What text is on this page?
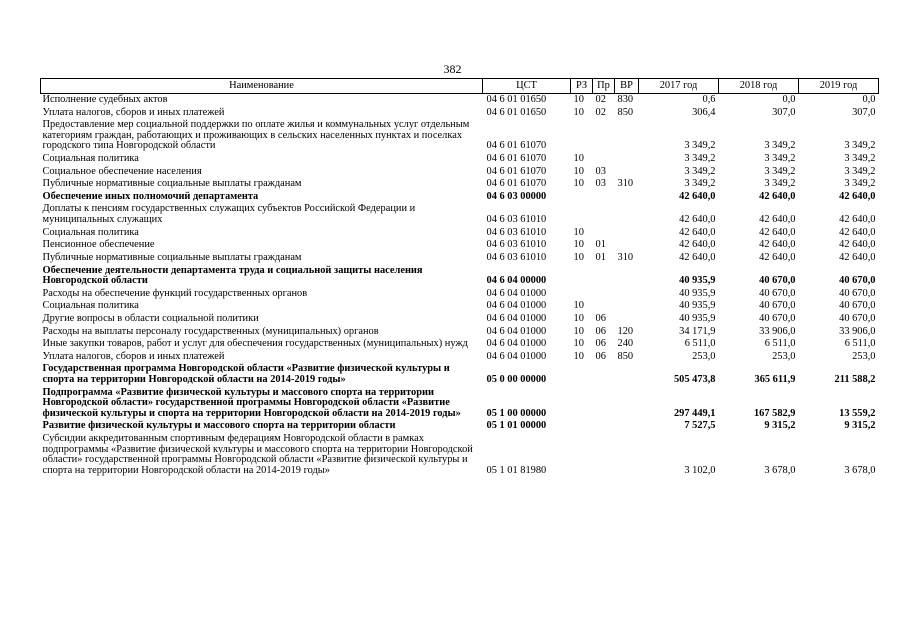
382
Наименование	ЦСТ	РЗ	Пр	ВР	2017 год	2018 год	2019 год
Исполнение судебных актов	04 6 01 01650	10	02	830	0,6	0,0	0,0
Уплата налогов, сборов и иных платежей	04 6 01 01650	10	02	850	306,4	307,0	307,0
Предоставление мер социальной поддержки по оплате жилья и коммунальных услуг отдельным категориям граждан, работающих и проживающих в сельских населенных пунктах и поселках городского типа Новгородской области	04 6 01 61070				3 349,2	3 349,2	3 349,2
Социальная политика	04 6 01 61070	10			3 349,2	3 349,2	3 349,2
Социальное обеспечение населения	04 6 01 61070	10	03		3 349,2	3 349,2	3 349,2
Публичные нормативные социальные выплаты гражданам	04 6 01 61070	10	03	310	3 349,2	3 349,2	3 349,2
Обеспечение иных полномочий департамента	04 6 03 00000				42 640,0	42 640,0	42 640,0
Доплаты к пенсиям государственных служащих субъектов Российской Федерации и муниципальных служащих	04 6 03 61010				42 640,0	42 640,0	42 640,0
Социальная политика	04 6 03 61010	10			42 640,0	42 640,0	42 640,0
Пенсионное обеспечение	04 6 03 61010	10	01		42 640,0	42 640,0	42 640,0
Публичные нормативные социальные выплаты гражданам	04 6 03 61010	10	01	310	42 640,0	42 640,0	42 640,0
Обеспечение деятельности департамента труда и социальной защиты населения Новгородской области	04 6 04 00000				40 935,9	40 670,0	40 670,0
Расходы на обеспечение функций государственных органов	04 6 04 01000				40 935,9	40 670,0	40 670,0
Социальная политика	04 6 04 01000	10			40 935,9	40 670,0	40 670,0
Другие вопросы в области социальной политики	04 6 04 01000	10	06		40 935,9	40 670,0	40 670,0
Расходы на выплаты персоналу государственных (муниципальных) органов	04 6 04 01000	10	06	120	34 171,9	33 906,0	33 906,0
Иные закупки товаров, работ и услуг для обеспечения государственных (муниципальных) нужд	04 6 04 01000	10	06	240	6 511,0	6 511,0	6 511,0
Уплата налогов, сборов и иных платежей	04 6 04 01000	10	06	850	253,0	253,0	253,0
Государственная программа Новгородской области «Развитие физической культуры и спорта на территории Новгородской области на 2014-2019 годы»	05 0 00 00000				505 473,8	365 611,9	211 588,2
Подпрограмма «Развитие физической культуры и массового спорта на территории Новгородской области» государственной программы Новгородской области «Развитие физической культуры и спорта на территории Новгородской области на 2014-2019 годы»	05 1 00 00000				297 449,1	167 582,9	13 559,2
Развитие физической культуры и массового спорта на территории области	05 1 01 00000				7 527,5	9 315,2	9 315,2
Субсидии аккредитованным спортивным федерациям Новгородской области в рамках подпрограммы «Развитие физической культуры и массового спорта на территории Новгородской области» государственной программы Новгородской области «Развитие физической культуры и спорта на территории Новгородской области на 2014-2019 годы»	05 1 01 81980				3 102,0	3 678,0	3 678,0
